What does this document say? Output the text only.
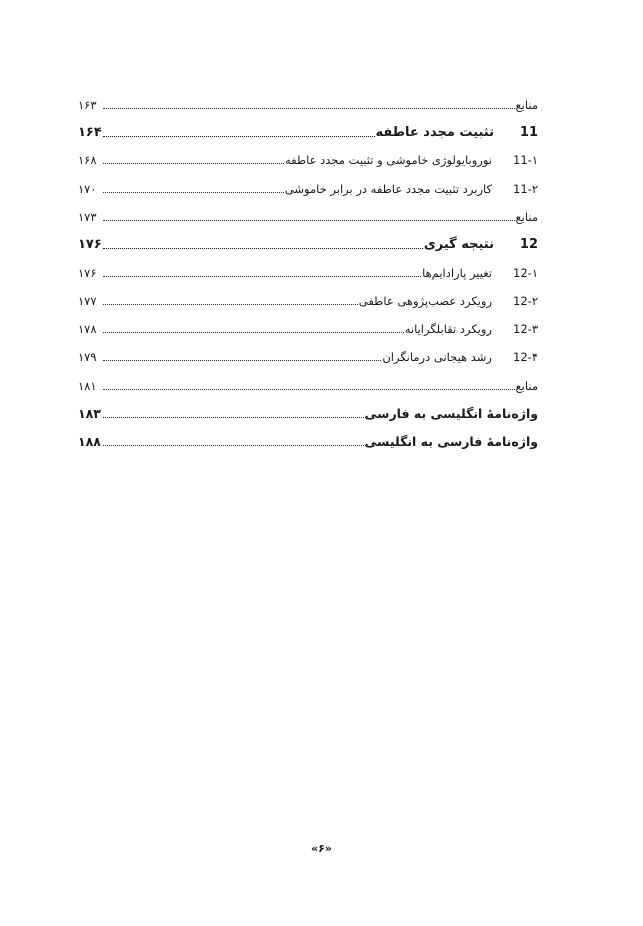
۱۶۳	منابع
۱۶۴	تثبیت مجدد عاطفه	11
۱۶۸	نوروبایولوژی خاموشی و تثبیت مجدد عاطفه	11-۱
۱۷۰	کاربرد تثبیت مجدد عاطفه در برابر خاموشی	11-۲
۱۷۳	منابع
۱۷۶	نتیجه گیری	12
۱۷۶	تغییر پارادایم‌ها	12-۱
۱۷۷	رویکرد عصب‌پژوهی عاطفی	12-۲
۱۷۸	رویکرد تقابلگرایانه	12-۳
۱۷۹	رشد هیجانی درمانگران	12-۴
۱۸۱	منابع
۱۸۳	واژه‌نامهٔ انگلیسی به فارسی
۱۸۸	واژه‌نامهٔ فارسی به انگلیسی
«۶»
